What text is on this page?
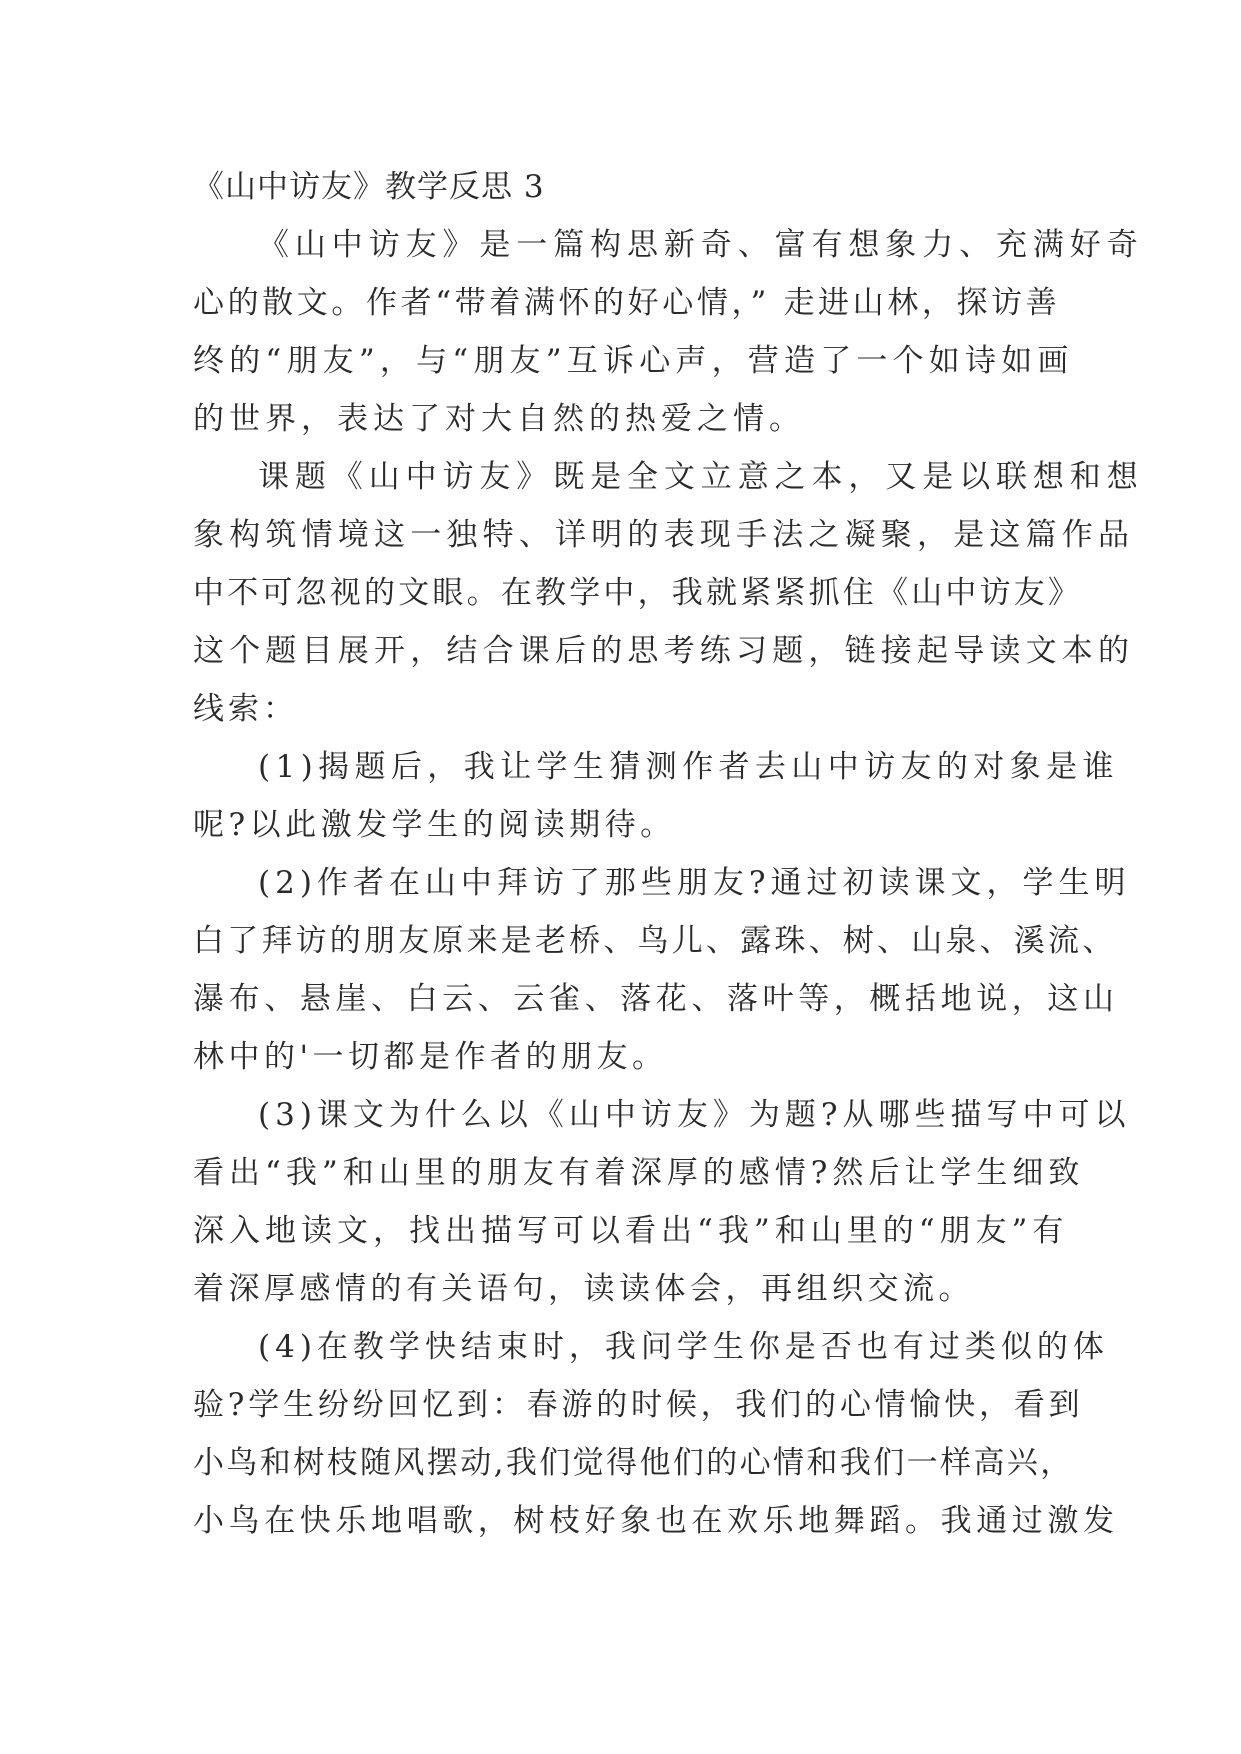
《山中访友》教学反思 3
《山中访友》是一篇构思新奇、富有想象力、充满好奇
心的散文。作者“带着满怀的好心情，” 走进山林，探访善
终的“朋友”，与“朋友”互诉心声，营造了一个如诗如画
的世界，表达了对大自然的热爱之情。
课题《山中访友》既是全文立意之本，又是以联想和想
象构筑情境这一独特、详明的表现手法之凝聚，是这篇作品
中不可忽视的文眼。在教学中，我就紧紧抓住《山中访友》
这个题目展开，结合课后的思考练习题，链接起导读文本的
线索：
(1)揭题后，我让学生猜测作者去山中访友的对象是谁
呢?以此激发学生的阅读期待。
(2)作者在山中拜访了那些朋友?通过初读课文，学生明
白了拜访的朋友原来是老桥、鸟儿、露珠、树、山泉、溪流、
瀑布、悬崖、白云、云雀、落花、落叶等，概括地说，这山
林中的'一切都是作者的朋友。
(3)课文为什么以《山中访友》为题?从哪些描写中可以
看出“我”和山里的朋友有着深厚的感情?然后让学生细致
深入地读文，找出描写可以看出“我”和山里的“朋友”有
着深厚感情的有关语句，读读体会，再组织交流。
(4)在教学快结束时，我问学生你是否也有过类似的体
验?学生纷纷回忆到：春游的时候，我们的心情愉快，看到
小鸟和树枝随风摆动,我们觉得他们的心情和我们一样高兴，
小鸟在快乐地唱歌，树枝好象也在欢乐地舞蹈。我通过激发
